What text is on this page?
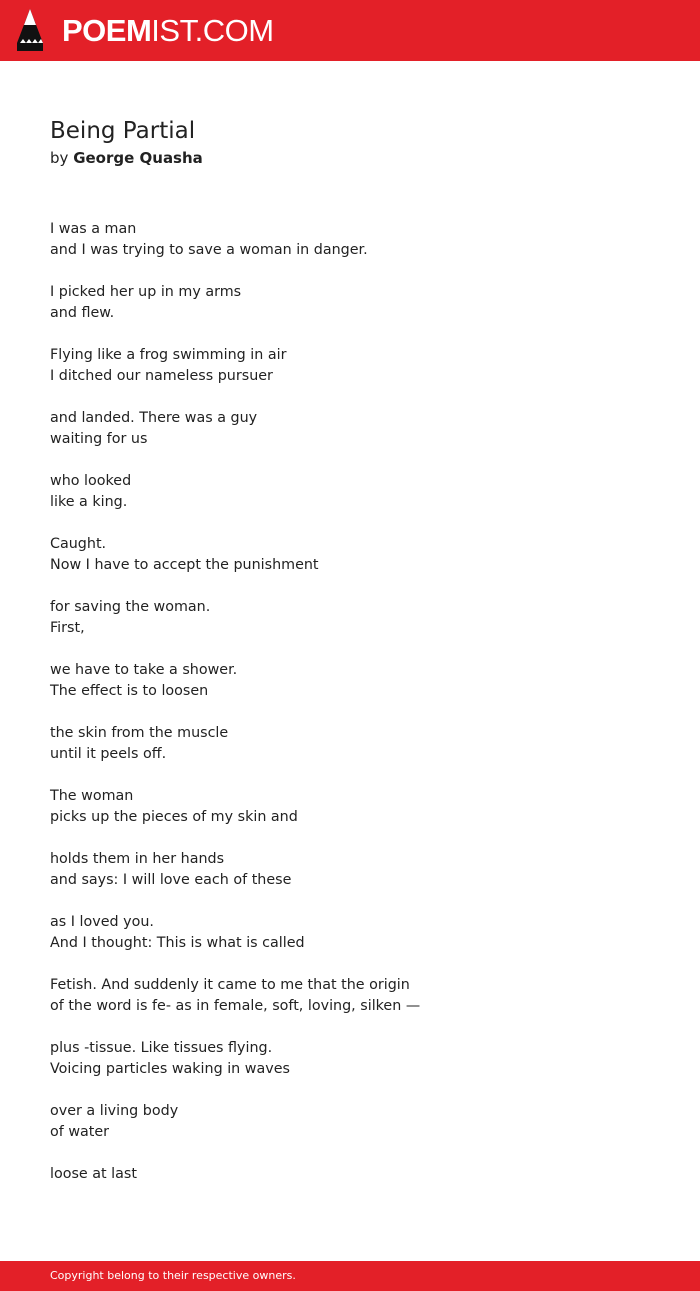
POEMIST.COM
Being Partial
by George Quasha
I was a man
and I was trying to save a woman in danger.
I picked her up in my arms
and flew.
Flying like a frog swimming in air
I ditched our nameless pursuer
and landed. There was a guy
waiting for us
who looked
like a king.
Caught.
Now I have to accept the punishment
for saving the woman.
First,
we have to take a shower.
The effect is to loosen
the skin from the muscle
until it peels off.
The woman
picks up the pieces of my skin and
holds them in her hands
and says: I will love each of these
as I loved you.
And I thought: This is what is called
Fetish. And suddenly it came to me that the origin
of the word is fe- as in female, soft, loving, silken —
plus -tissue. Like tissues flying.
Voicing particles waking in waves
over a living body
of water
loose at last
Copyright belong to their respective owners.
